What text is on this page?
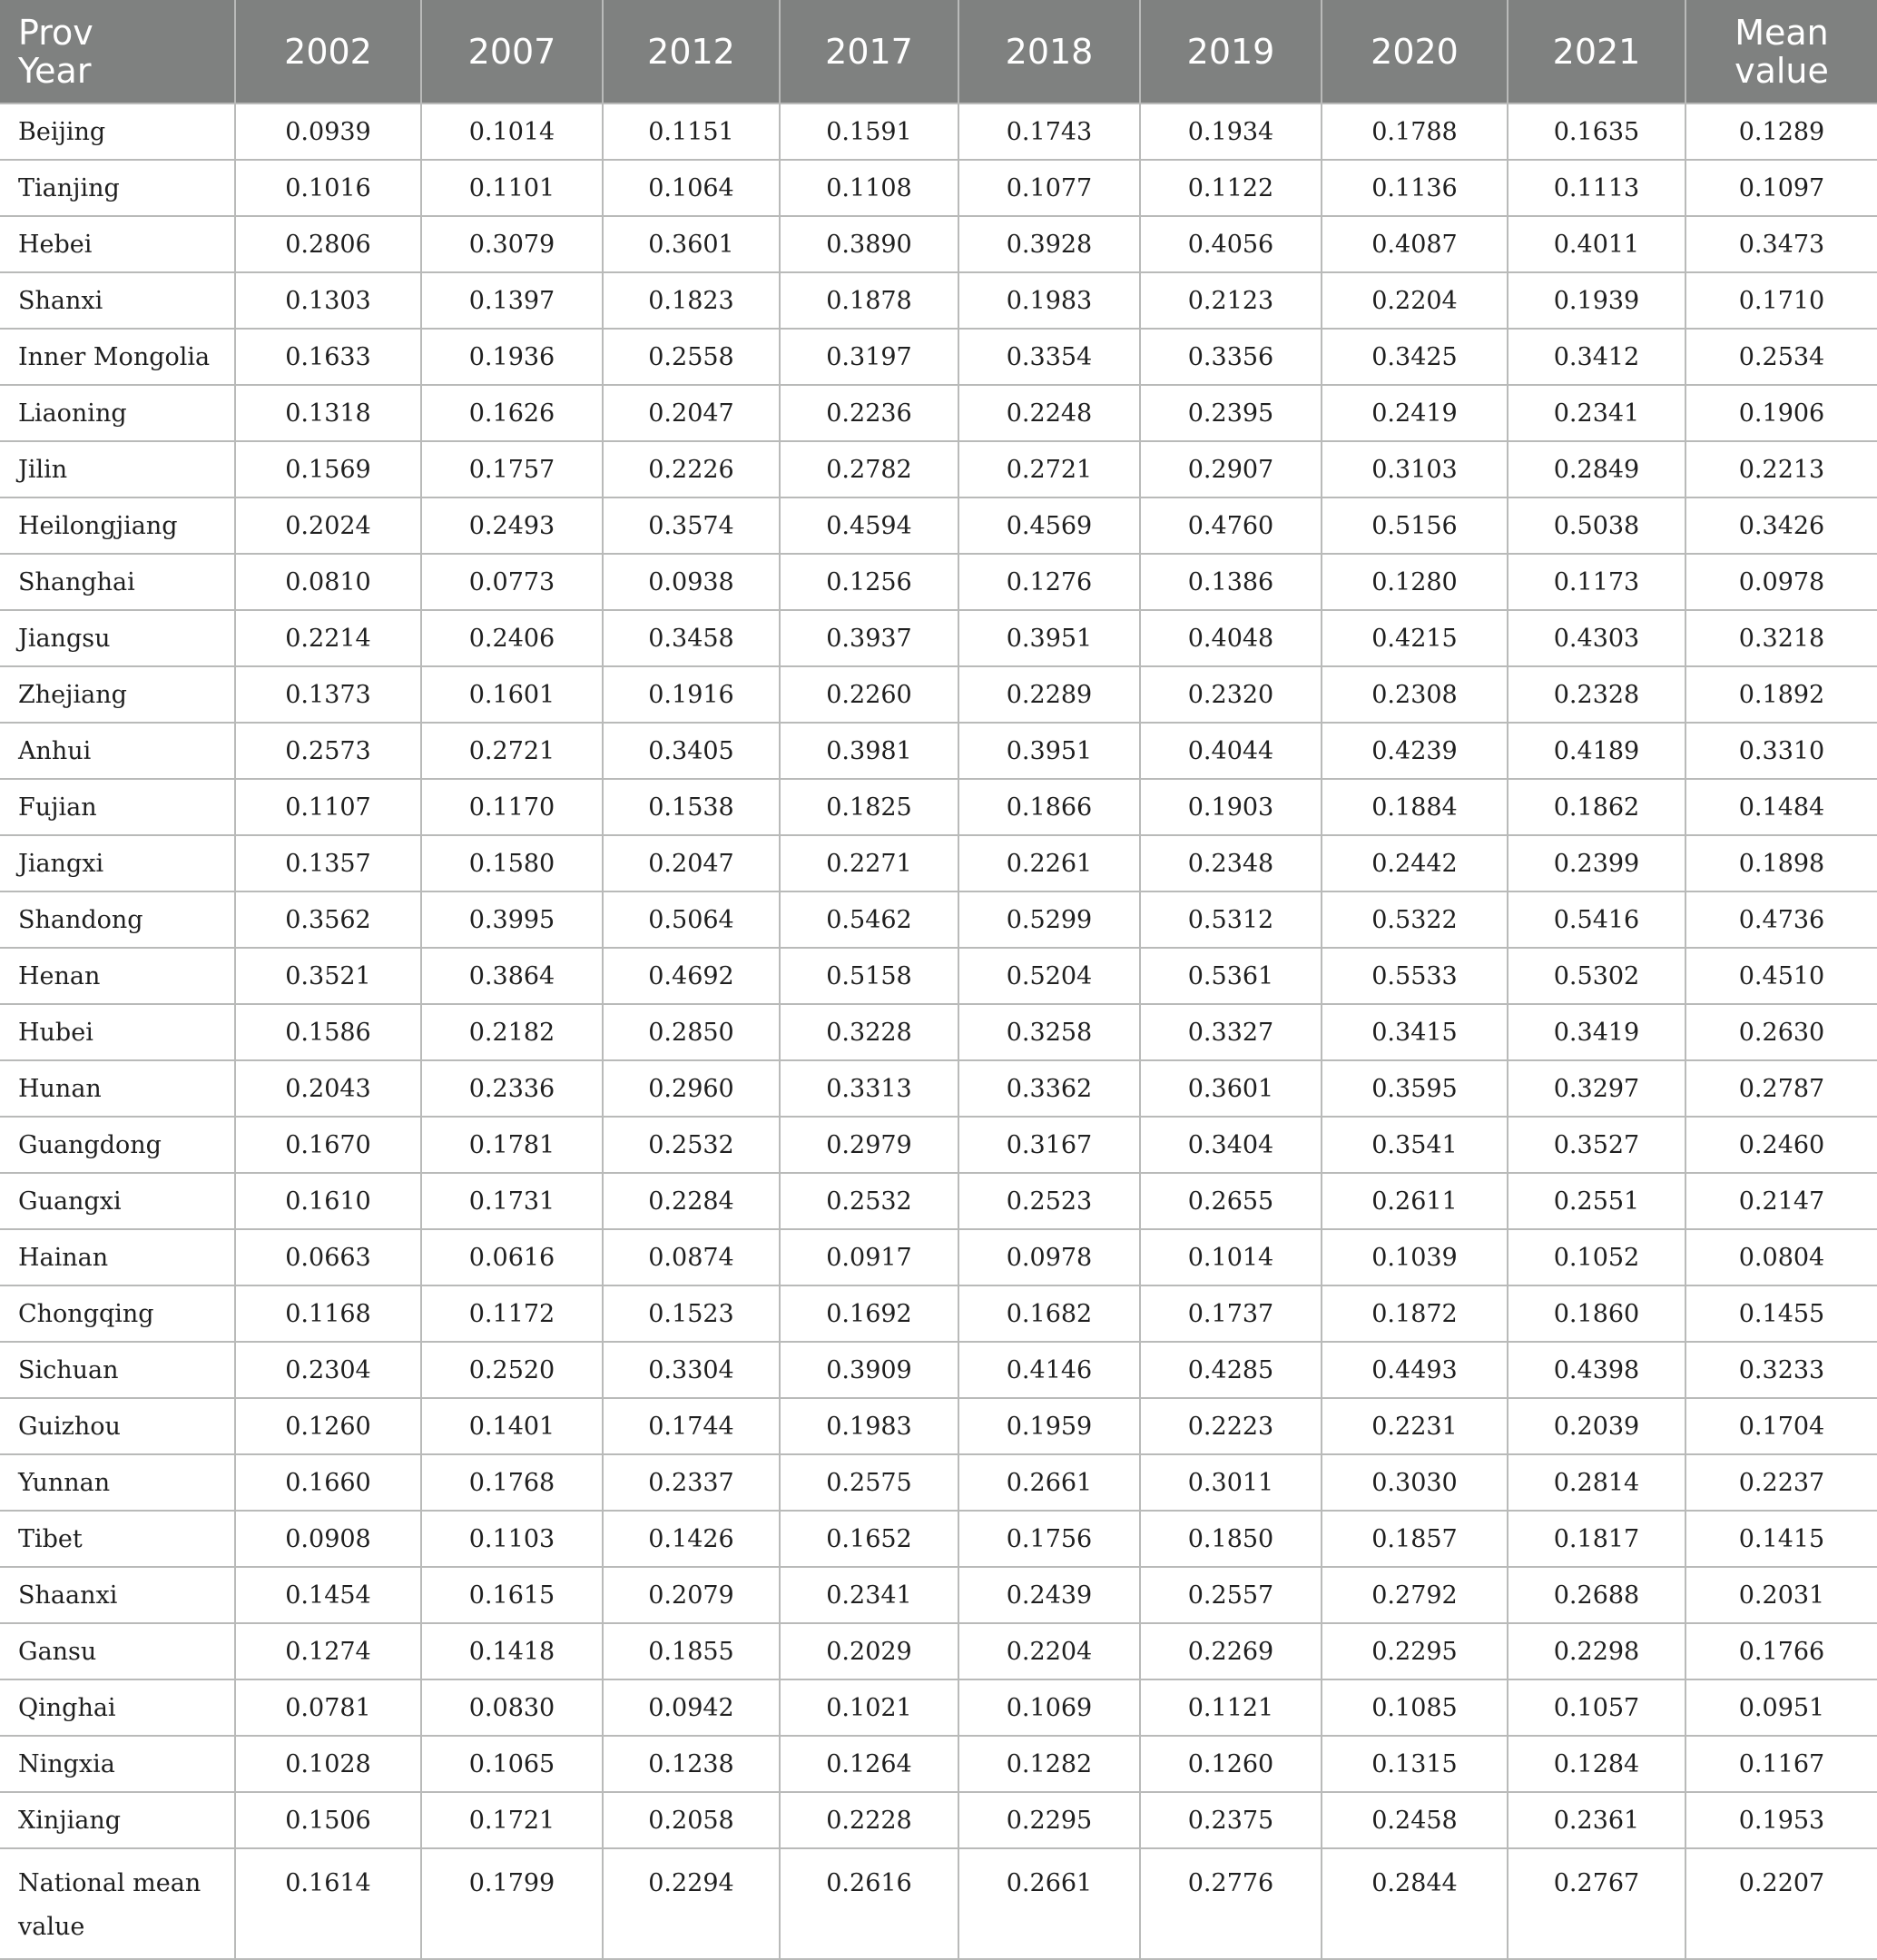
Prov
Year	2002	2007	2012	2017	2018	2019	2020	2021	Mean
value

Beijing	0.0939	0.1014	0.1151	0.1591	0.1743	0.1934	0.1788	0.1635	0.1289
Tianjing	0.1016	0.1101	0.1064	0.1108	0.1077	0.1122	0.1136	0.1113	0.1097
Hebei	0.2806	0.3079	0.3601	0.3890	0.3928	0.4056	0.4087	0.4011	0.3473
Shanxi	0.1303	0.1397	0.1823	0.1878	0.1983	0.2123	0.2204	0.1939	0.1710
Inner Mongolia	0.1633	0.1936	0.2558	0.3197	0.3354	0.3356	0.3425	0.3412	0.2534
Liaoning	0.1318	0.1626	0.2047	0.2236	0.2248	0.2395	0.2419	0.2341	0.1906
Jilin	0.1569	0.1757	0.2226	0.2782	0.2721	0.2907	0.3103	0.2849	0.2213
Heilongjiang	0.2024	0.2493	0.3574	0.4594	0.4569	0.4760	0.5156	0.5038	0.3426
Shanghai	0.0810	0.0773	0.0938	0.1256	0.1276	0.1386	0.1280	0.1173	0.0978
Jiangsu	0.2214	0.2406	0.3458	0.3937	0.3951	0.4048	0.4215	0.4303	0.3218
Zhejiang	0.1373	0.1601	0.1916	0.2260	0.2289	0.2320	0.2308	0.2328	0.1892
Anhui	0.2573	0.2721	0.3405	0.3981	0.3951	0.4044	0.4239	0.4189	0.3310
Fujian	0.1107	0.1170	0.1538	0.1825	0.1866	0.1903	0.1884	0.1862	0.1484
Jiangxi	0.1357	0.1580	0.2047	0.2271	0.2261	0.2348	0.2442	0.2399	0.1898
Shandong	0.3562	0.3995	0.5064	0.5462	0.5299	0.5312	0.5322	0.5416	0.4736
Henan	0.3521	0.3864	0.4692	0.5158	0.5204	0.5361	0.5533	0.5302	0.4510
Hubei	0.1586	0.2182	0.2850	0.3228	0.3258	0.3327	0.3415	0.3419	0.2630
Hunan	0.2043	0.2336	0.2960	0.3313	0.3362	0.3601	0.3595	0.3297	0.2787
Guangdong	0.1670	0.1781	0.2532	0.2979	0.3167	0.3404	0.3541	0.3527	0.2460
Guangxi	0.1610	0.1731	0.2284	0.2532	0.2523	0.2655	0.2611	0.2551	0.2147
Hainan	0.0663	0.0616	0.0874	0.0917	0.0978	0.1014	0.1039	0.1052	0.0804
Chongqing	0.1168	0.1172	0.1523	0.1692	0.1682	0.1737	0.1872	0.1860	0.1455
Sichuan	0.2304	0.2520	0.3304	0.3909	0.4146	0.4285	0.4493	0.4398	0.3233
Guizhou	0.1260	0.1401	0.1744	0.1983	0.1959	0.2223	0.2231	0.2039	0.1704
Yunnan	0.1660	0.1768	0.2337	0.2575	0.2661	0.3011	0.3030	0.2814	0.2237
Tibet	0.0908	0.1103	0.1426	0.1652	0.1756	0.1850	0.1857	0.1817	0.1415
Shaanxi	0.1454	0.1615	0.2079	0.2341	0.2439	0.2557	0.2792	0.2688	0.2031
Gansu	0.1274	0.1418	0.1855	0.2029	0.2204	0.2269	0.2295	0.2298	0.1766
Qinghai	0.0781	0.0830	0.0942	0.1021	0.1069	0.1121	0.1085	0.1057	0.0951
Ningxia	0.1028	0.1065	0.1238	0.1264	0.1282	0.1260	0.1315	0.1284	0.1167
Xinjiang	0.1506	0.1721	0.2058	0.2228	0.2295	0.2375	0.2458	0.2361	0.1953

National mean
value	0.1614	0.1799	0.2294	0.2616	0.2661	0.2776	0.2844	0.2767	0.2207
